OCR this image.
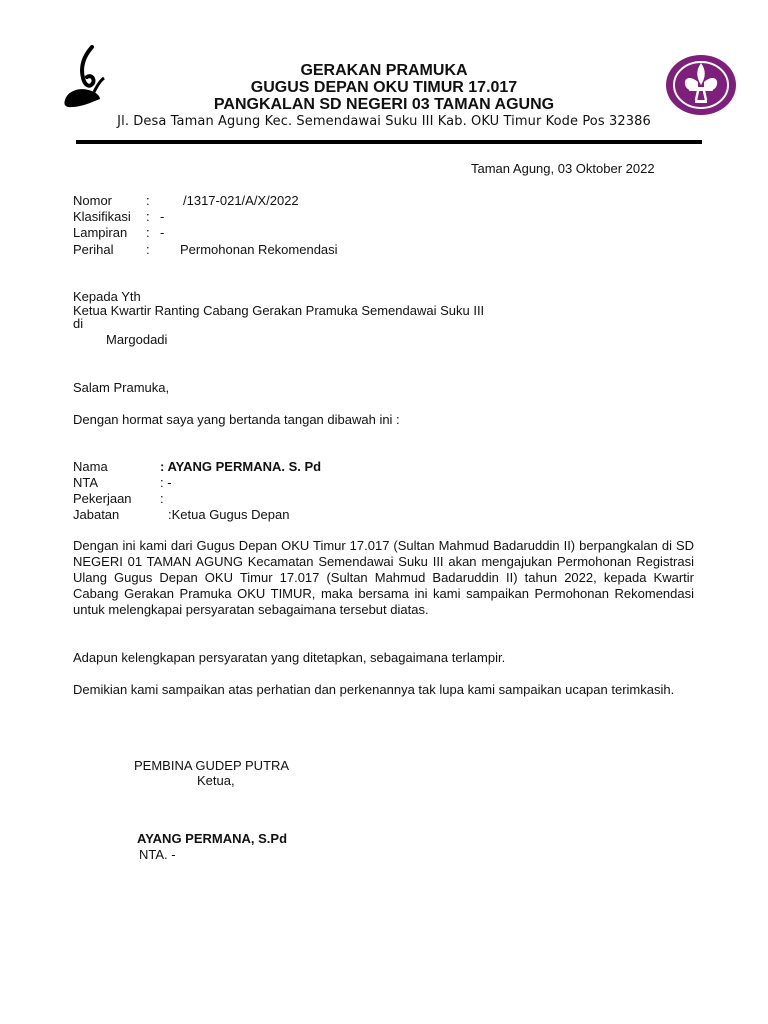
GERAKAN PRAMUKA
GUGUS DEPAN OKU TIMUR 17.017
PANGKALAN SD NEGERI 03 TAMAN AGUNG
Jl. Desa Taman Agung Kec. Semendawai Suku III Kab. OKU Timur Kode Pos 32386
Taman Agung, 03 Oktober 2022
Nomor	:	/1317-021/A/X/2022
Klasifikasi : -
Lampiran : -
Perihal	: Permohonan Rekomendasi
Kepada Yth
Ketua Kwartir Ranting Cabang Gerakan Pramuka Semendawai Suku III
di
Margodadi
Salam Pramuka,
Dengan hormat saya yang bertanda tangan dibawah ini :
Nama	: AYANG PERMANA. S. Pd
NTA	: -
Pekerjaan :
Jabatan	:Ketua Gugus Depan
Dengan ini kami dari Gugus Depan OKU Timur 17.017 (Sultan Mahmud Badaruddin II) berpangkalan di SD NEGERI 01 TAMAN AGUNG Kecamatan Semendawai Suku III akan mengajukan Permohonan Registrasi Ulang Gugus Depan OKU Timur 17.017 (Sultan Mahmud Badaruddin II) tahun 2022, kepada Kwartir Cabang Gerakan Pramuka OKU TIMUR, maka bersama ini kami sampaikan Permohonan Rekomendasi untuk melengkapai persyaratan sebagaimana tersebut diatas.
Adapun kelengkapan persyaratan yang ditetapkan, sebagaimana terlampir.
Demikian kami sampaikan atas perhatian dan perkenannya tak lupa kami sampaikan ucapan terimkasih.
PEMBINA GUDEP PUTRA
Ketua,
AYANG PERMANA, S.Pd
NTA. -
